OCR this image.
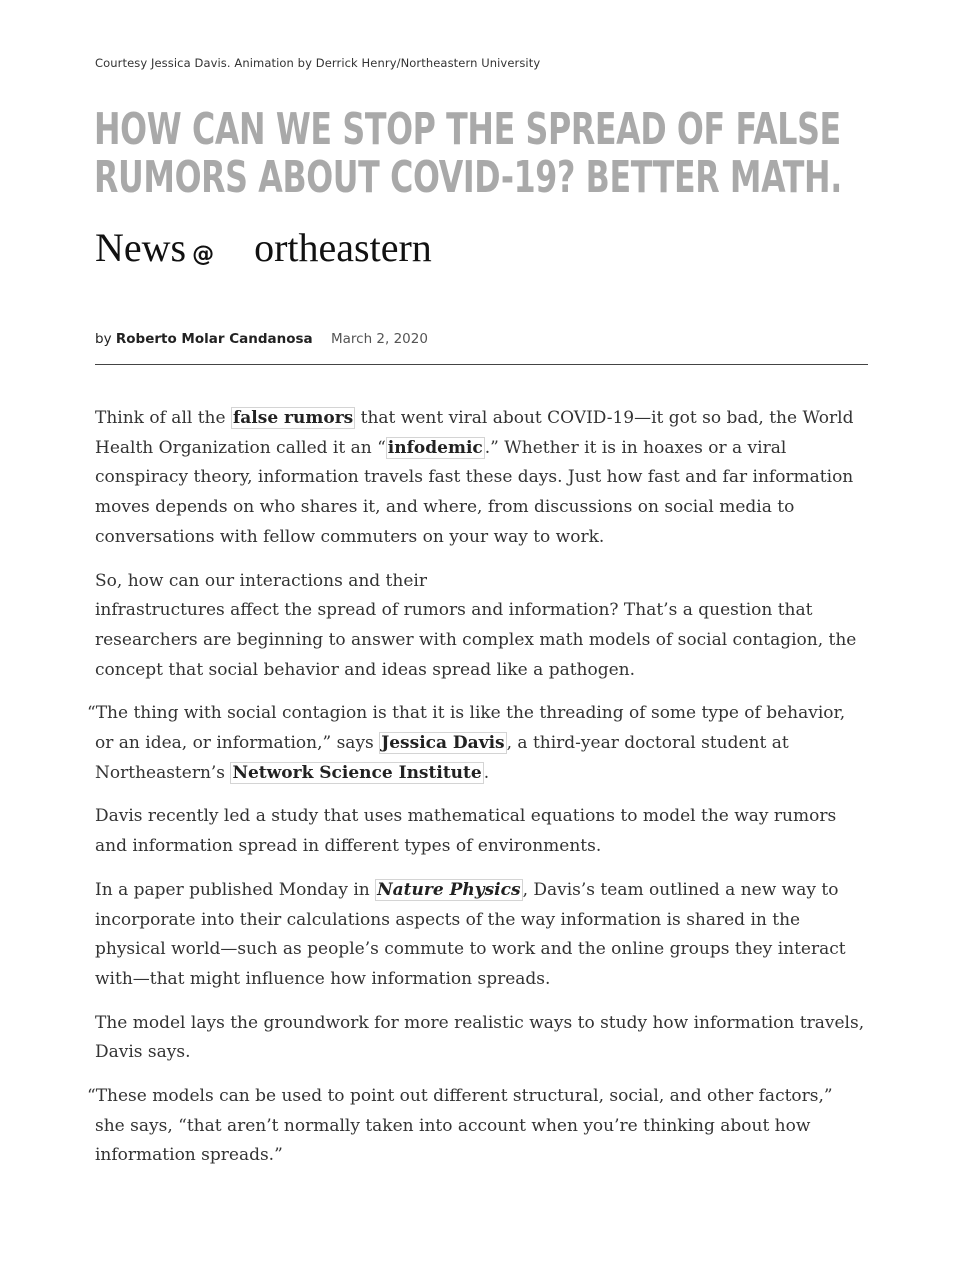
Courtesy Jessica Davis. Animation by Derrick Henry/Northeastern University
HOW CAN WE STOP THE SPREAD OF FALSE
RUMORS ABOUT COVID-19? BETTER MATH.
News @ ortheastern
by Roberto Molar Candanosa March 2, 2020

Think of all the false rumors that went viral about COVID-19—it got so bad, the World Health Organization called it an “ infodemic .” Whether it is in hoaxes or a viral conspiracy theory, information travels fast these days. Just how fast and far information moves depends on who shares it, and where, from discussions on social media to conversations with fellow commuters on your way to work.

So, how can our interactions and their
infrastructures affect the spread of rumors and information? That’s a question that researchers are beginning to answer with complex math models of social contagion, the concept that social behavior and ideas spread like a pathogen.

“The thing with social contagion is that it is like the threading of some type of behavior, or an idea, or information,” says Jessica Davis , a third-year doctoral student at Northeastern’s Network Science Institute .

Davis recently led a study that uses mathematical equations to model the way rumors and information spread in different types of environments.

In a paper published Monday in Nature Physics , Davis’s team outlined a new way to incorporate into their calculations aspects of the way information is shared in the physical world—such as people’s commute to work and the online groups they interact with—that might influence how information spreads.

The model lays the groundwork for more realistic ways to study how information travels, Davis says.

“These models can be used to point out different structural, social, and other factors,” she says, “that aren’t normally taken into account when you’re thinking about how information spreads.”
